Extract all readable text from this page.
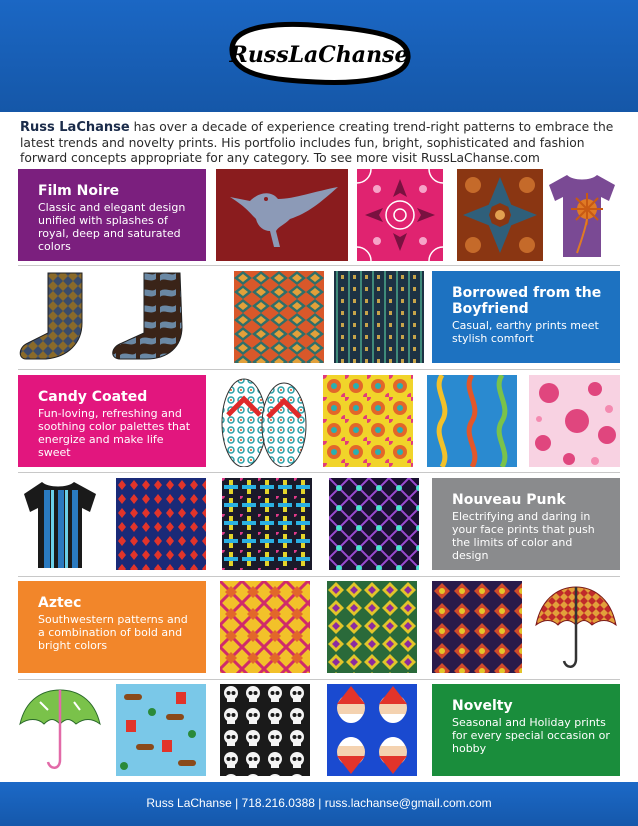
RussLaChanse
Russ LaChanse has over a decade of experience creating trend-right patterns to embrace the latest trends and novelty prints. His portfolio includes fun, bright, sophisticated and fashion forward concepts appropriate for any category. To see more visit RussLaChanse.com
Film Noire
Classic and elegant design unified with splashes of royal, deep and saturated colors
Borrowed from the Boyfriend
Casual, earthy prints meet stylish comfort
Candy Coated
Fun-loving, refreshing and soothing color palettes that energize and make life sweet
Nouveau Punk
Electrifying and daring in your face prints that push the limits of color and design
Aztec
Southwestern patterns and a combination of bold and bright colors
Novelty
Seasonal and Holiday prints for every special occasion or hobby
Russ LaChanse | 718.216.0388 | russ.lachanse@gmail.com.com
